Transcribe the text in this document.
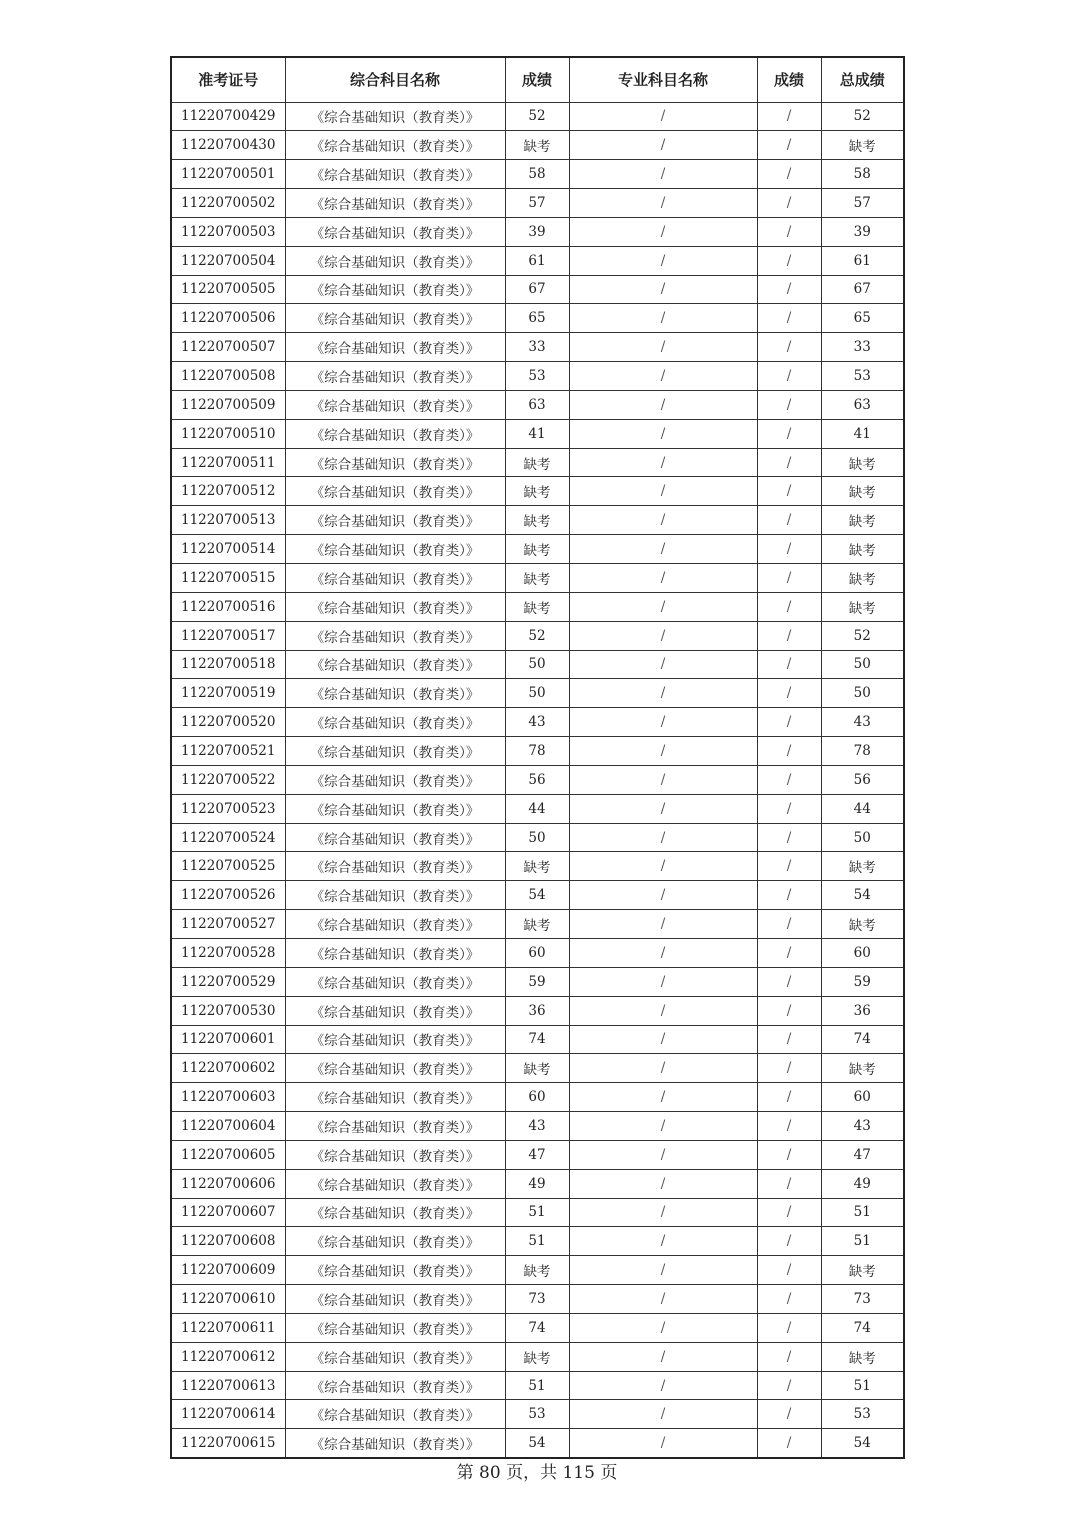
准考证号	综合科目名称	成绩	专业科目名称	成绩	总成绩
11220700429	《综合基础知识（教育类）》	52	/	/	52
11220700430	《综合基础知识（教育类）》	缺考	/	/	缺考
11220700501	《综合基础知识（教育类）》	58	/	/	58
11220700502	《综合基础知识（教育类）》	57	/	/	57
11220700503	《综合基础知识（教育类）》	39	/	/	39
11220700504	《综合基础知识（教育类）》	61	/	/	61
11220700505	《综合基础知识（教育类）》	67	/	/	67
11220700506	《综合基础知识（教育类）》	65	/	/	65
11220700507	《综合基础知识（教育类）》	33	/	/	33
11220700508	《综合基础知识（教育类）》	53	/	/	53
11220700509	《综合基础知识（教育类）》	63	/	/	63
11220700510	《综合基础知识（教育类）》	41	/	/	41
11220700511	《综合基础知识（教育类）》	缺考	/	/	缺考
11220700512	《综合基础知识（教育类）》	缺考	/	/	缺考
11220700513	《综合基础知识（教育类）》	缺考	/	/	缺考
11220700514	《综合基础知识（教育类）》	缺考	/	/	缺考
11220700515	《综合基础知识（教育类）》	缺考	/	/	缺考
11220700516	《综合基础知识（教育类）》	缺考	/	/	缺考
11220700517	《综合基础知识（教育类）》	52	/	/	52
11220700518	《综合基础知识（教育类）》	50	/	/	50
11220700519	《综合基础知识（教育类）》	50	/	/	50
11220700520	《综合基础知识（教育类）》	43	/	/	43
11220700521	《综合基础知识（教育类）》	78	/	/	78
11220700522	《综合基础知识（教育类）》	56	/	/	56
11220700523	《综合基础知识（教育类）》	44	/	/	44
11220700524	《综合基础知识（教育类）》	50	/	/	50
11220700525	《综合基础知识（教育类）》	缺考	/	/	缺考
11220700526	《综合基础知识（教育类）》	54	/	/	54
11220700527	《综合基础知识（教育类）》	缺考	/	/	缺考
11220700528	《综合基础知识（教育类）》	60	/	/	60
11220700529	《综合基础知识（教育类）》	59	/	/	59
11220700530	《综合基础知识（教育类）》	36	/	/	36
11220700601	《综合基础知识（教育类）》	74	/	/	74
11220700602	《综合基础知识（教育类）》	缺考	/	/	缺考
11220700603	《综合基础知识（教育类）》	60	/	/	60
11220700604	《综合基础知识（教育类）》	43	/	/	43
11220700605	《综合基础知识（教育类）》	47	/	/	47
11220700606	《综合基础知识（教育类）》	49	/	/	49
11220700607	《综合基础知识（教育类）》	51	/	/	51
11220700608	《综合基础知识（教育类）》	51	/	/	51
11220700609	《综合基础知识（教育类）》	缺考	/	/	缺考
11220700610	《综合基础知识（教育类）》	73	/	/	73
11220700611	《综合基础知识（教育类）》	74	/	/	74
11220700612	《综合基础知识（教育类）》	缺考	/	/	缺考
11220700613	《综合基础知识（教育类）》	51	/	/	51
11220700614	《综合基础知识（教育类）》	53	/	/	53
11220700615	《综合基础知识（教育类）》	54	/	/	54
第 80 页，共 115 页
